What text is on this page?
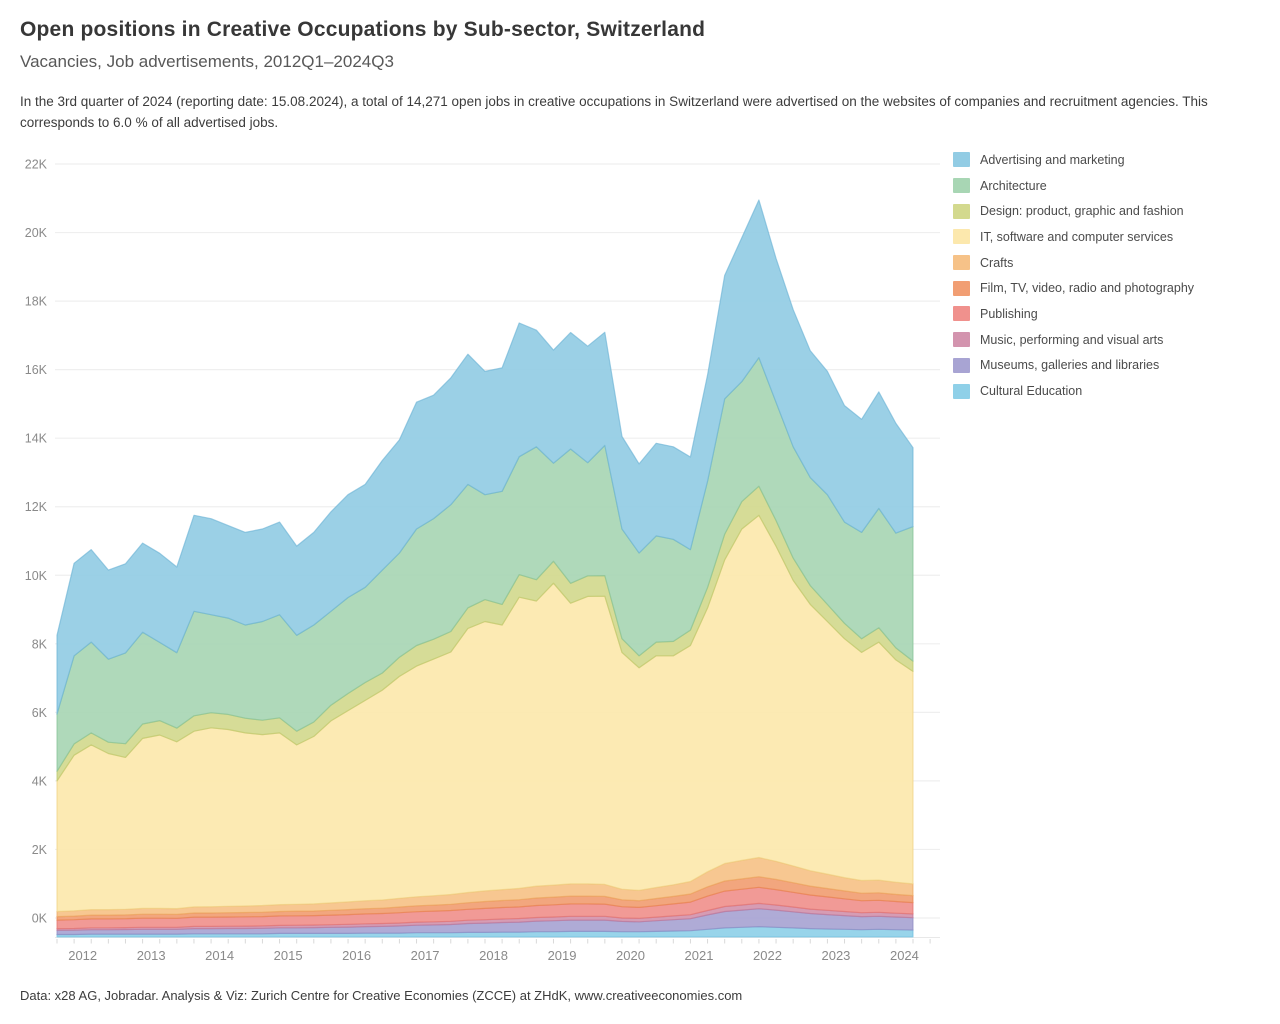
Open positions in Creative Occupations by Sub-sector, Switzerland
Vacancies, Job advertisements, 2012Q1–2024Q3
In the 3rd quarter of 2024 (reporting date: 15.08.2024), a total of 14,271 open jobs in creative occupations in Switzerland were advertised on the websites of companies and recruitment agencies. This corresponds to 6.0 % of all advertised jobs.
0K
2K
4K
6K
8K
10K
12K
14K
16K
18K
20K
22K
2012	2013	2014	2015	2016	2017	2018	2019	2020	2021	2022	2023	2024
Advertising and marketing
Architecture
Design: product, graphic and fashion
IT, software and computer services
Crafts
Film, TV, video, radio and photography
Publishing
Music, performing and visual arts
Museums, galleries and libraries
Cultural Education
Data: x28 AG, Jobradar. Analysis & Viz: Zurich Centre for Creative Economies (ZCCE) at ZHdK, www.creativeeconomies.com
